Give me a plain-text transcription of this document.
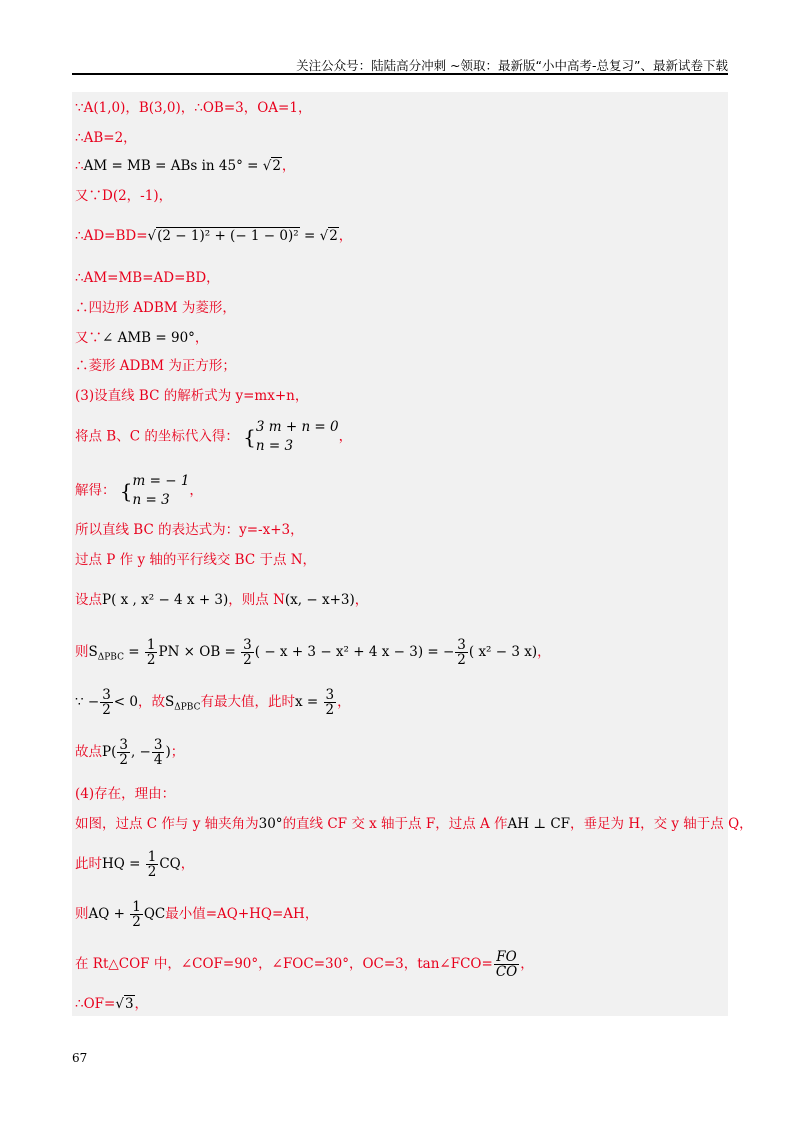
关注公众号：陆陆高分冲刺 ~领取：最新版“小中高考-总复习”、最新试卷下载
∵A(1,0)，B(3,0)，∴OB=3，OA=1，
∴AB=2，
∴AM = MB = ABs in 45° = √2，
又∵D(2，-1)，
∴AD=BD=√(2 − 1)² + (− 1 − 0)² = √2，
∴AM=MB=AD=BD，
∴四边形 ADBM 为菱形，
又∵∠ AMB = 90°，
∴菱形 ADBM 为正方形；
(3)设直线 BC 的解析式为 y=mx+n，
将点 B、C 的坐标代入得： { 3 m + n = 0
n = 3
，
解得： { m = − 1
n = 3
，
所以直线 BC 的表达式为：y=-x+3，
过点 P 作 y 轴的平行线交 BC 于点 N，
设点P( x , x² − 4 x + 3)，则点 N(x, − x+3)，
则$S_{\Delta PBC} = \frac{1}{2}$ PN × OB = $\frac{3}{2}$ ( − x + 3 − x² + 4 x − 3) = − $\frac{3}{2}$ ( x² − 3 x)，
∵ − $\frac{3}{2} < 0$，故$S_{\Delta PBC}$有最大值，此时$x = \frac{3}{2}$ ，
故点$P( \frac{3}{2}$ , − $\frac{3}{4}$ )；
(4)存在，理由：
如图，过点 C 作与 y 轴夹角为30°的直线 CF 交 x 轴于点 F，过点 A 作AH ⊥ CF，垂足为 H，交 y 轴于点 Q，
此时HQ = $\frac{1}{2}$ CQ，
则AQ + $\frac{1}{2}$ QC最小值=AQ+HQ=AH，
在 Rt△COF 中，∠COF=90°，∠FOC=30°，OC=3，tan∠FCO= $\frac{FO}{CO}$ ，
∴OF=√3，
67
